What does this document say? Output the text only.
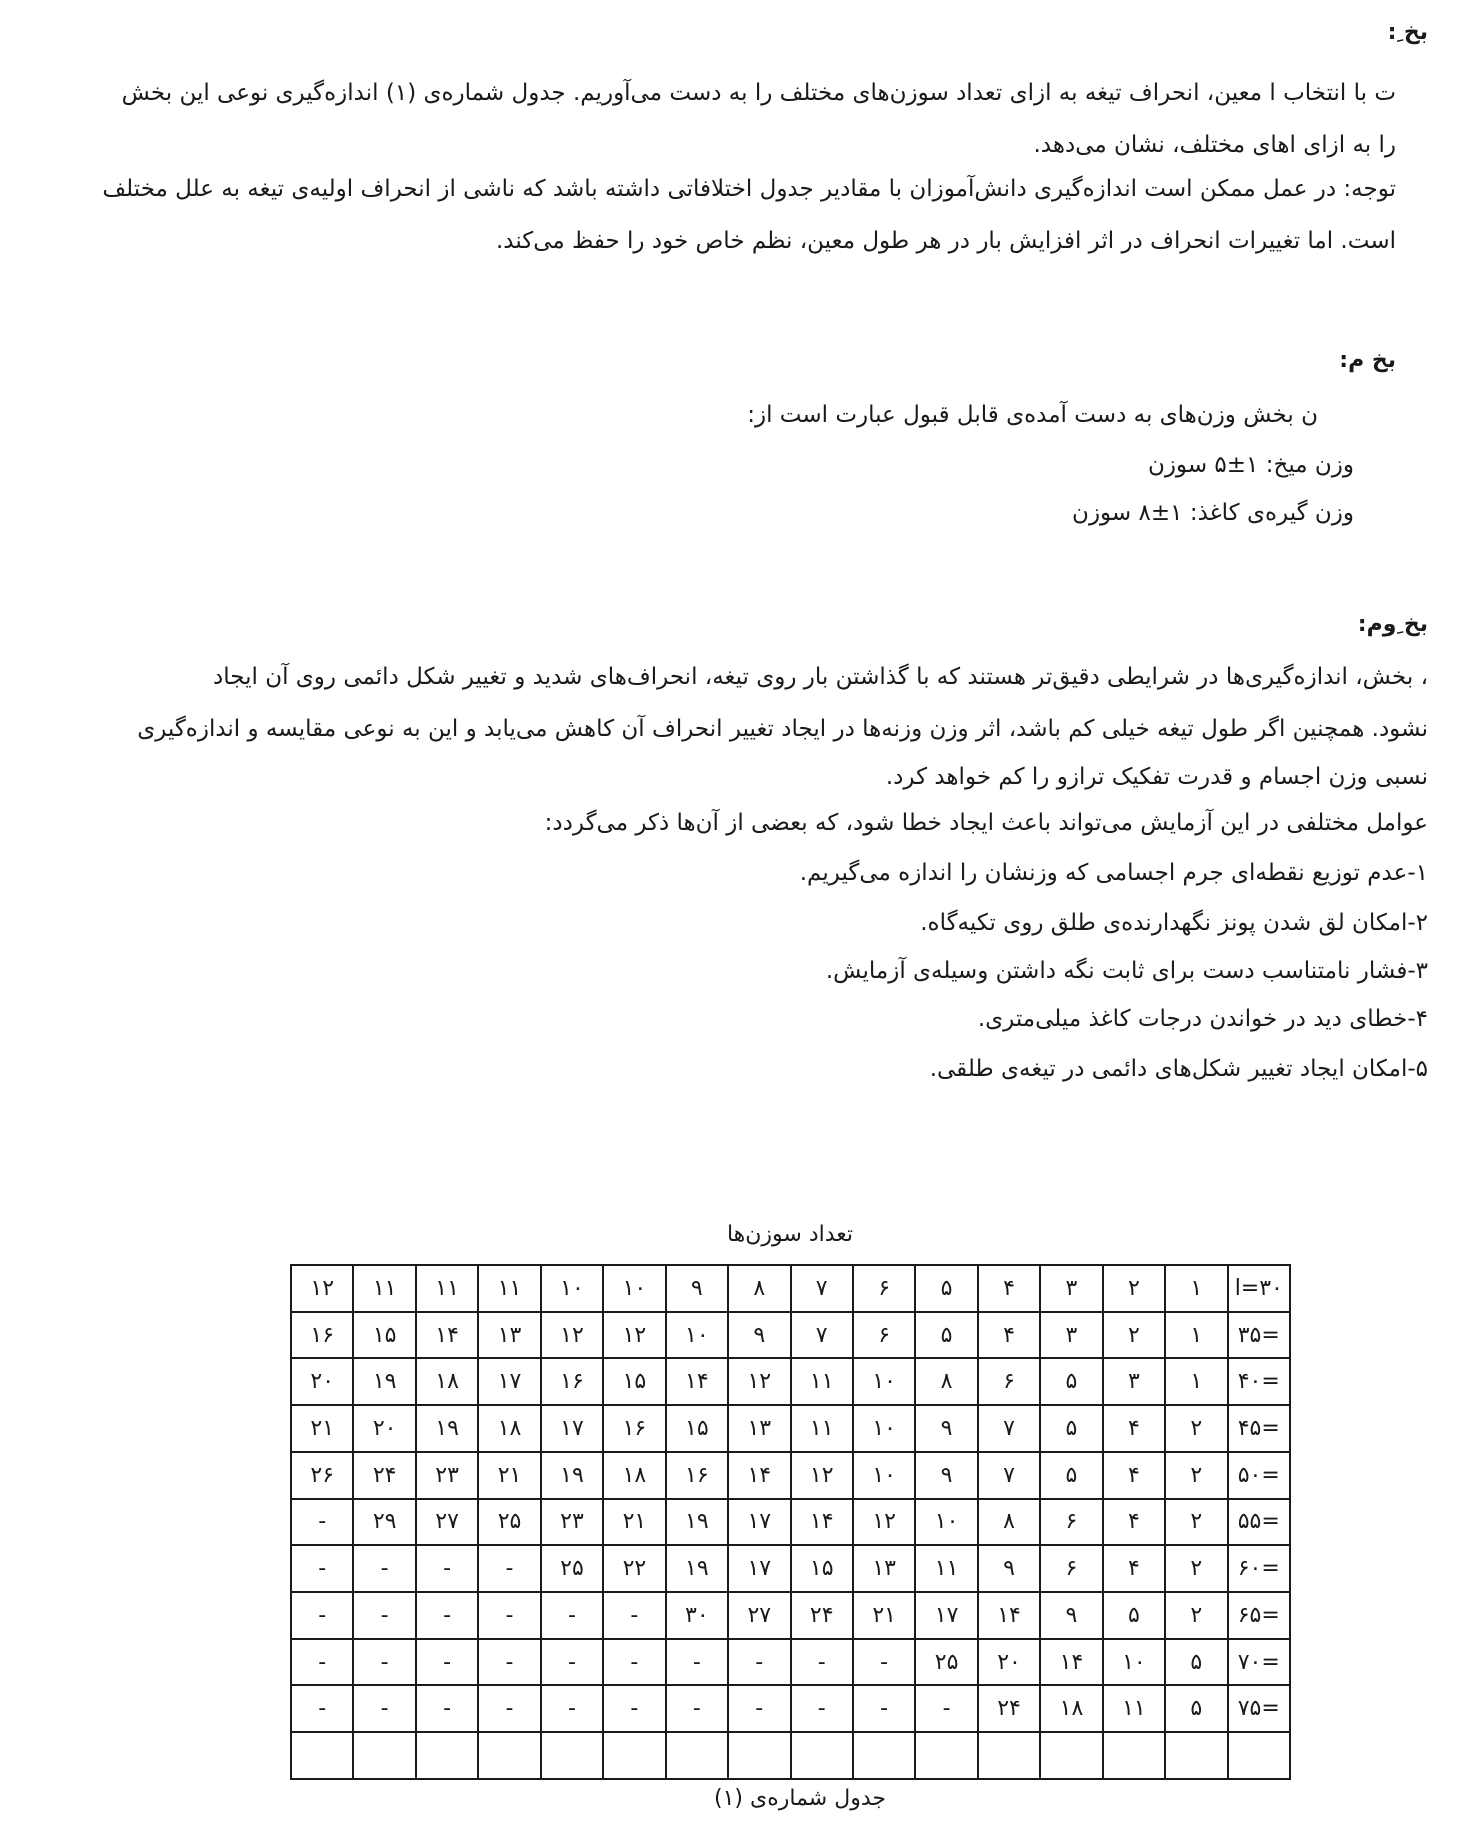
بخ ِ:
ت با انتخاب l معین، انحراف تیغه به ازای تعداد سوزن‌های مختلف را به دست می‌آوریم. جدول شماره‌ی (۱) اندازه‌گیری نوعی این بخش
را به ازای lهای مختلف، نشان می‌دهد.
توجه: در عمل ممکن است اندازه‌گیری دانش‌آموزان با مقادیر جدول اختلافاتی داشته باشد که ناشی از انحراف اولیه‌ی تیغه به علل مختلف
است. اما تغییرات انحراف در اثر افزایش بار در هر طول معین، نظم خاص خود را حفظ می‌کند.
بخ م:
ن بخش وزن‌های به دست آمده‌ی قابل قبول عبارت است از:
وزن میخ: ۱±۵ سوزن
وزن گیره‌ی کاغذ: ۱±۸ سوزن
بخ ِوم:
، بخش، اندازه‌گیری‌ها در شرایطی دقیق‌تر هستند که با گذاشتن بار روی تیغه، انحراف‌های شدید و تغییر شکل دائمی روی آن ایجاد
نشود. همچنین اگر طول تیغه خیلی کم باشد، اثر وزن وزنه‌ها در ایجاد تغییر انحراف آن کاهش می‌یابد و این به نوعی مقایسه و اندازه‌گیری
نسبی وزن اجسام و قدرت تفکیک ترازو را کم خواهد کرد.
عوامل مختلفی در این آزمایش می‌تواند باعث ایجاد خطا شود، که بعضی از آن‌ها ذکر می‌گردد:
۱-عدم توزیع نقطه‌ای جرم اجسامی که وزنشان را اندازه می‌گیریم.
۲-امکان لق شدن پونز نگهدارنده‌ی طلق روی تکیه‌گاه.
۳-فشار نامتناسب دست برای ثابت نگه داشتن وسیله‌ی آزمایش.
۴-خطای دید در خواندن درجات کاغذ میلی‌متری.
۵-امکان ایجاد تغییر شکل‌های دائمی در تیغه‌ی طلقی.
تعداد سوزن‌ها
l=۳۰	۱	۲	۳	۴	۵	۶	۷	۸	۹	۱۰	۱۰	۱۱	۱۱	۱۱	۱۲
=۳۵	۱	۲	۳	۴	۵	۶	۷	۹	۱۰	۱۲	۱۲	۱۳	۱۴	۱۵	۱۶
=۴۰	۱	۳	۵	۶	۸	۱۰	۱۱	۱۲	۱۴	۱۵	۱۶	۱۷	۱۸	۱۹	۲۰
=۴۵	۲	۴	۵	۷	۹	۱۰	۱۱	۱۳	۱۵	۱۶	۱۷	۱۸	۱۹	۲۰	۲۱
=۵۰	۲	۴	۵	۷	۹	۱۰	۱۲	۱۴	۱۶	۱۸	۱۹	۲۱	۲۳	۲۴	۲۶
=۵۵	۲	۴	۶	۸	۱۰	۱۲	۱۴	۱۷	۱۹	۲۱	۲۳	۲۵	۲۷	۲۹	-
=۶۰	۲	۴	۶	۹	۱۱	۱۳	۱۵	۱۷	۱۹	۲۲	۲۵	-	-	-	-
=۶۵	۲	۵	۹	۱۴	۱۷	۲۱	۲۴	۲۷	۳۰	-	-	-	-	-	-
=۷۰	۵	۱۰	۱۴	۲۰	۲۵	-	-	-	-	-	-	-	-	-	-
=۷۵	۵	۱۱	۱۸	۲۴	-	-	-	-	-	-	-	-	-	-	-

جدول شماره‌ی (۱)
